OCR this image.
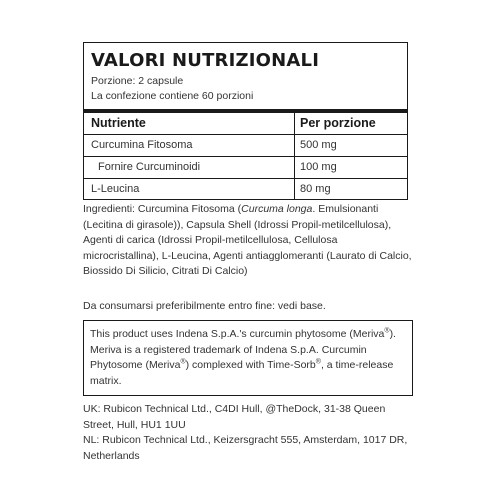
VALORI NUTRIZIONALI
Porzione: 2 capsule
La confezione contiene 60 porzioni
Nutriente	Per porzione
Curcumina Fitosoma	500 mg
Fornire Curcuminoidi	100 mg
L-Leucina	80 mg
Ingredienti: Curcumina Fitosoma (Curcuma longa. Emulsionanti (Lecitina di girasole)), Capsula Shell (Idrossi Propil-metilcellulosa), Agenti di carica (Idrossi Propil-metilcellulosa, Cellulosa microcristallina), L-Leucina, Agenti antiagglomeranti (Laurato di Calcio, Biossido Di Silicio, Citrati Di Calcio)
Da consumarsi preferibilmente entro fine: vedi base.
This product uses Indena S.p.A.'s curcumin phytosome (Meriva®). Meriva is a registered trademark of Indena S.p.A. Curcumin Phytosome (Meriva®) complexed with Time-Sorb®, a time-release matrix.
UK: Rubicon Technical Ltd., C4DI Hull, @TheDock, 31-38 Queen Street, Hull, HU1 1UU
NL: Rubicon Technical Ltd., Keizersgracht 555, Amsterdam, 1017 DR, Netherlands
